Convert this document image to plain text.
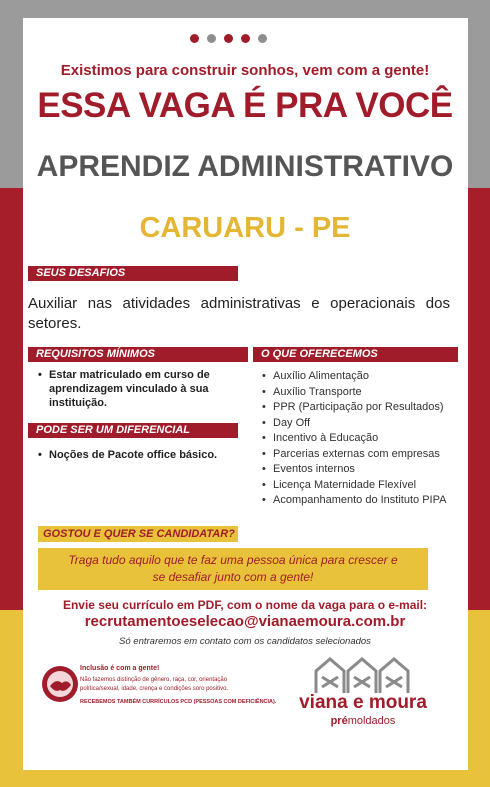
Existimos para construir sonhos, vem com a gente!
ESSA VAGA É PRA VOCÊ
APRENDIZ ADMINISTRATIVO
CARUARU - PE
SEUS DESAFIOS
Auxiliar nas atividades administrativas e operacionais dos setores.
REQUISITOS MÍNIMOS
• Estar matriculado em curso de aprendizagem vinculado à sua instituição.
PODE SER UM DIFERENCIAL
• Noções de Pacote office básico.
O QUE OFERECEMOS
• Auxílio Alimentação
• Auxílio Transporte
• PPR (Participação por Resultados)
• Day Off
• Incentivo à Educação
• Parcerias externas com empresas
• Eventos internos
• Licença Maternidade Flexível
• Acompanhamento do Instituto PIPA
GOSTOU E QUER SE CANDIDATAR?
Traga tudo aquilo que te faz uma pessoa única para crescer e
se desafiar junto com a gente!
Envie seu currículo em PDF, com o nome da vaga para o e-mail:
recrutamentoeselecao@vianaemoura.com.br
Só entraremos em contato com os candidatos selecionados
Inclusão é com a gente!
Não fazemos distinção de gênero, raça, cor, orientação
política/sexual, idade, crença e condições soro positivo.
RECEBEMOS TAMBÉM CURRÍCULOS PCD (PESSOAS COM DEFICIÊNCIA).	viana e moura
prémoldados
